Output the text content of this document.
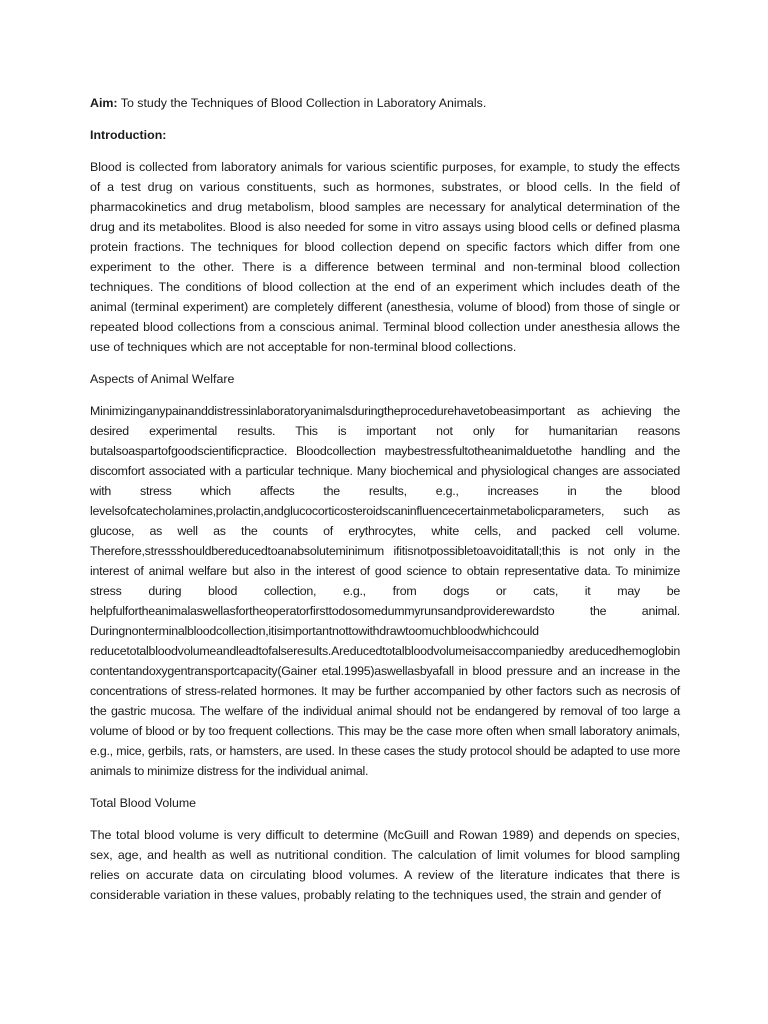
Aim: To study the Techniques of Blood Collection in Laboratory Animals.

Introduction:

Blood is collected from laboratory animals for various scientific purposes, for example, to study the effects of a test drug on various constituents, such as hormones, substrates, or blood cells. In the field of pharmacokinetics and drug metabolism, blood samples are necessary for analytical determination of the drug and its metabolites. Blood is also needed for some in vitro assays using blood cells or defined plasma protein fractions. The techniques for blood collection depend on specific factors which differ from one experiment to the other. There is a difference between terminal and non-terminal blood collection techniques. The conditions of blood collection at the end of an experiment which includes death of the animal (terminal experiment) are completely different (anesthesia, volume of blood) from those of single or repeated blood collections from a conscious animal. Terminal blood collection under anesthesia allows the use of techniques which are not acceptable for non-terminal blood collections.

Aspects of Animal Welfare

Minimizinganypainanddistressinlaboratoryanimalsduringtheprocedurehavetobeasimportant as achieving the desired experimental results. This is important not only for humanitarian reasons butalsoaspartofgoodscientificpractice. Bloodcollection maybestressfultotheanimalduetothe handling and the discomfort associated with a particular technique. Many biochemical and physiological changes are associated with stress which affects the results, e.g., increases in the blood levelsofcatecholamines,prolactin,andglucocorticosteroidscaninfluencecertainmetabolicparameters, such as glucose, as well as the counts of erythrocytes, white cells, and packed cell volume. Therefore,stressshouldbereducedtoanabsoluteminimum ifitisnotpossibletoavoiditatall;this is not only in the interest of animal welfare but also in the interest of good science to obtain representative data. To minimize stress during blood collection, e.g., from dogs or cats, it may be helpfulfortheanimalaswellasfortheoperatorfirsttodosomedummyrunsandproviderewardsto the animal. Duringnonterminalbloodcollection,itisimportantnottowithdrawtoomuchbloodwhichcould reducetotalbloodvolumeandleadtofalseresults.Areducedtotalbloodvolumeisaccompaniedby areducedhemoglobin contentandoxygentransportcapacity(Gainer etal.1995)aswellasbyafall in blood pressure and an increase in the concentrations of stress-related hormones. It may be further accompanied by other factors such as necrosis of the gastric mucosa. The welfare of the individual animal should not be endangered by removal of too large a volume of blood or by too frequent collections. This may be the case more often when small laboratory animals, e.g., mice, gerbils, rats, or hamsters, are used. In these cases the study protocol should be adapted to use more animals to minimize distress for the individual animal.

Total Blood Volume

The total blood volume is very difficult to determine (McGuill and Rowan 1989) and depends on species, sex, age, and health as well as nutritional condition. The calculation of limit volumes for blood sampling relies on accurate data on circulating blood volumes. A review of the literature indicates that there is considerable variation in these values, probably relating to the techniques used, the strain and gender of
